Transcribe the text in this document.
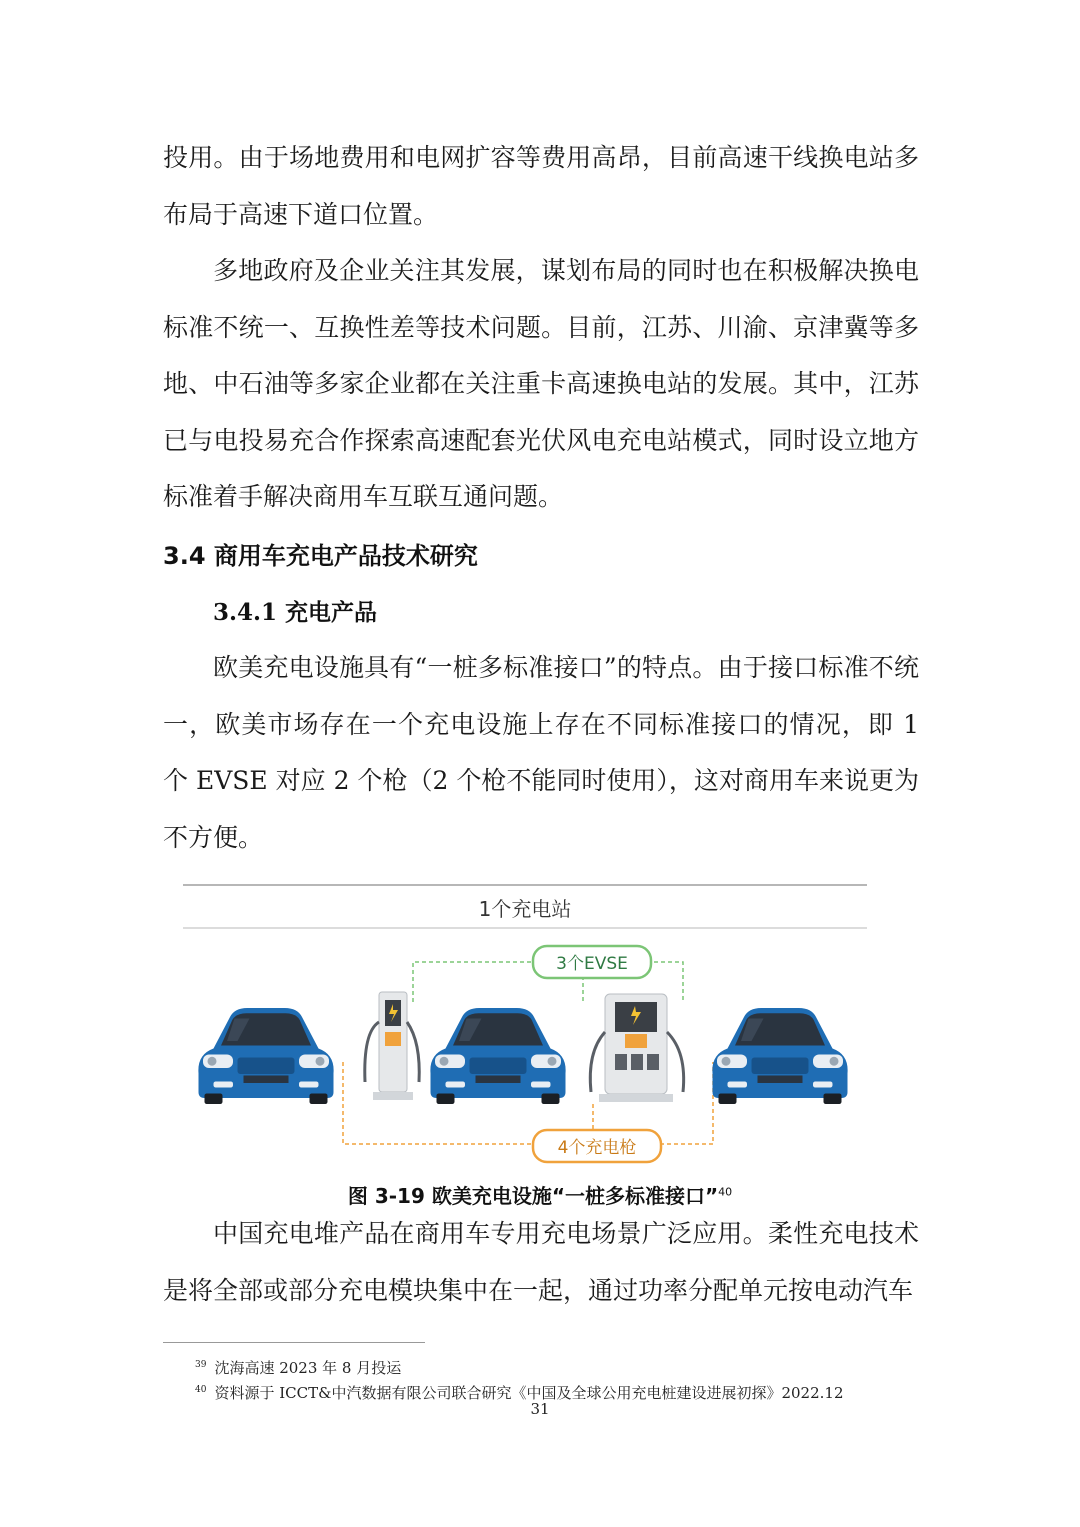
投用。由于场地费用和电网扩容等费用高昂，目前高速干线换电站多布局于高速下道口位置。

多地政府及企业关注其发展，谋划布局的同时也在积极解决换电标准不统一、互换性差等技术问题。目前，江苏、川渝、京津冀等多地、中石油等多家企业都在关注重卡高速换电站的发展。其中，江苏已与电投易充合作探索高速配套光伏风电充电站模式，同时设立地方标准着手解决商用车互联互通问题。

3.4 商用车充电产品技术研究
3.4.1 充电产品

欧美充电设施具有“一桩多标准接口”的特点。由于接口标准不统一，欧美市场存在一个充电设施上存在不同标准接口的情况，即 1 个 EVSE 对应 2 个枪（2 个枪不能同时使用），这对商用车来说更为不方便。

1个充电站
3个EVSE
4个充电枪
图 3-19 欧美充电设施“一桩多标准接口”$^{40}$

中国充电堆产品在商用车专用充电场景广泛应用。柔性充电技术是将全部或部分充电模块集中在一起，通过功率分配单元按电动汽车

$^{39}$ 沈海高速 2023 年 8 月投运
$^{40}$ 资料源于 ICCT&中汽数据有限公司联合研究《中国及全球公用充电桩建设进展初探》2022.12
31
